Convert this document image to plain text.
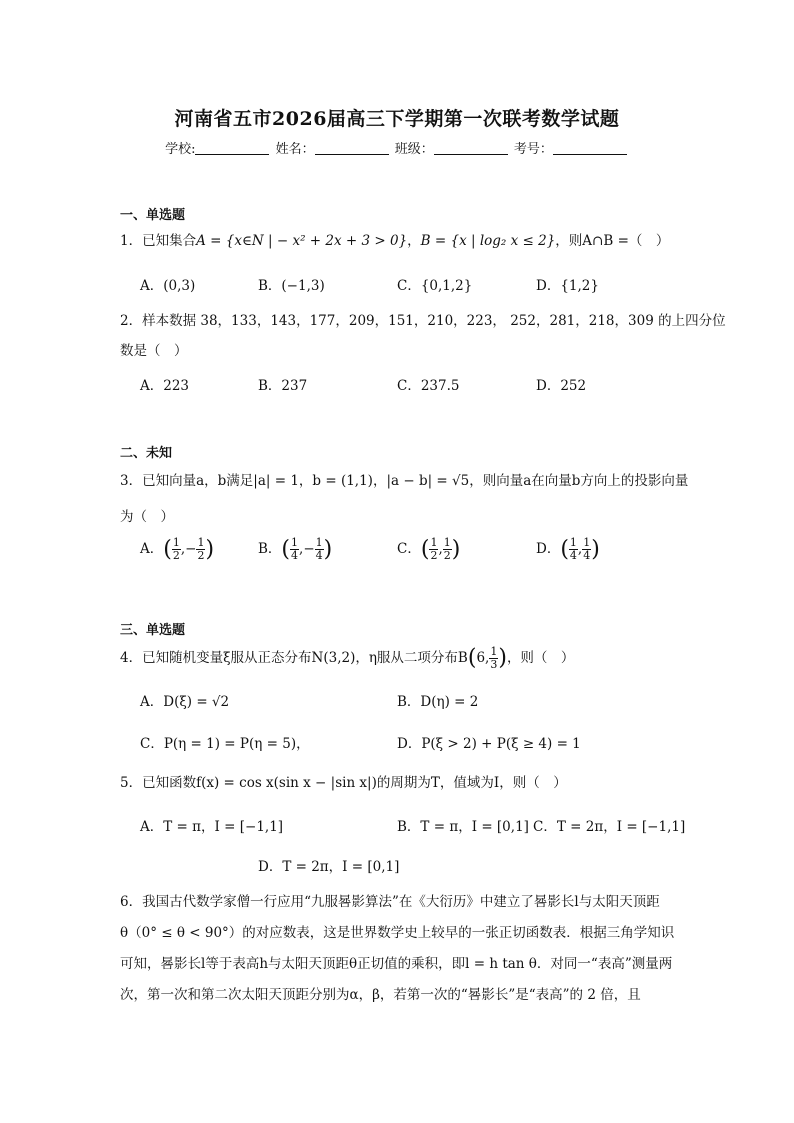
河南省五市2026届高三下学期第一次联考数学试题
学校:	姓名：	班级：	考号：
一、单选题
1．已知集合A = {x∈N | − x² + 2x + 3 > 0}，B = {x | log₂ x ≤ 2}，则A∩B =（　）
A．(0,3)	B．(−1,3)	C．{0,1,2}	D．{1,2}
2．样本数据 38，133，143，177，209，151，210，223， 252，281，218，309 的上四分位
数是（　）
A．223	B．237	C．237.5	D．252
二、未知
3．已知向量a，b满足|a| = 1，b = (1,1)，|a − b| = √5，则向量a在向量b方向上的投影向量
为（　）
A．( $\frac{1}{2}$ ,− $\frac{1}{2}$ )	B．( $\frac{1}{4}$ ,− $\frac{1}{4}$ )	C．( $\frac{1}{2}$ , $\frac{1}{2}$ )	D．( $\frac{1}{4}$ , $\frac{1}{4}$ )
三、单选题
4．已知随机变量ξ服从正态分布N(3,2)，η服从二项分布B(6, $\frac{1}{3}$ )，则（　）
A．D(ξ) = √2	B．D(η) = 2
C．P(η = 1) = P(η = 5)，	D．P(ξ > 2) + P(ξ ≥ 4) = 1
5．已知函数f(x) = cos x(sin x − |sin x|)的周期为T，值域为I，则（　）
A．T = π，I = [−1,1]	B．T = π，I = [0,1] C．T = 2π，I = [−1,1]
D．T = 2π，I = [0,1]
6．我国古代数学家僧一行应用“九服晷影算法”在《大衍历》中建立了晷影长l与太阳天顶距
θ（0° ≤ θ < 90°）的对应数表，这是世界数学史上较早的一张正切函数表．根据三角学知识
可知，晷影长l等于表高h与太阳天顶距θ正切值的乘积，即l = h tan θ．对同一“表高”测量两
次，第一次和第二次太阳天顶距分别为α，β，若第一次的“晷影长”是“表高”的 2 倍，且
